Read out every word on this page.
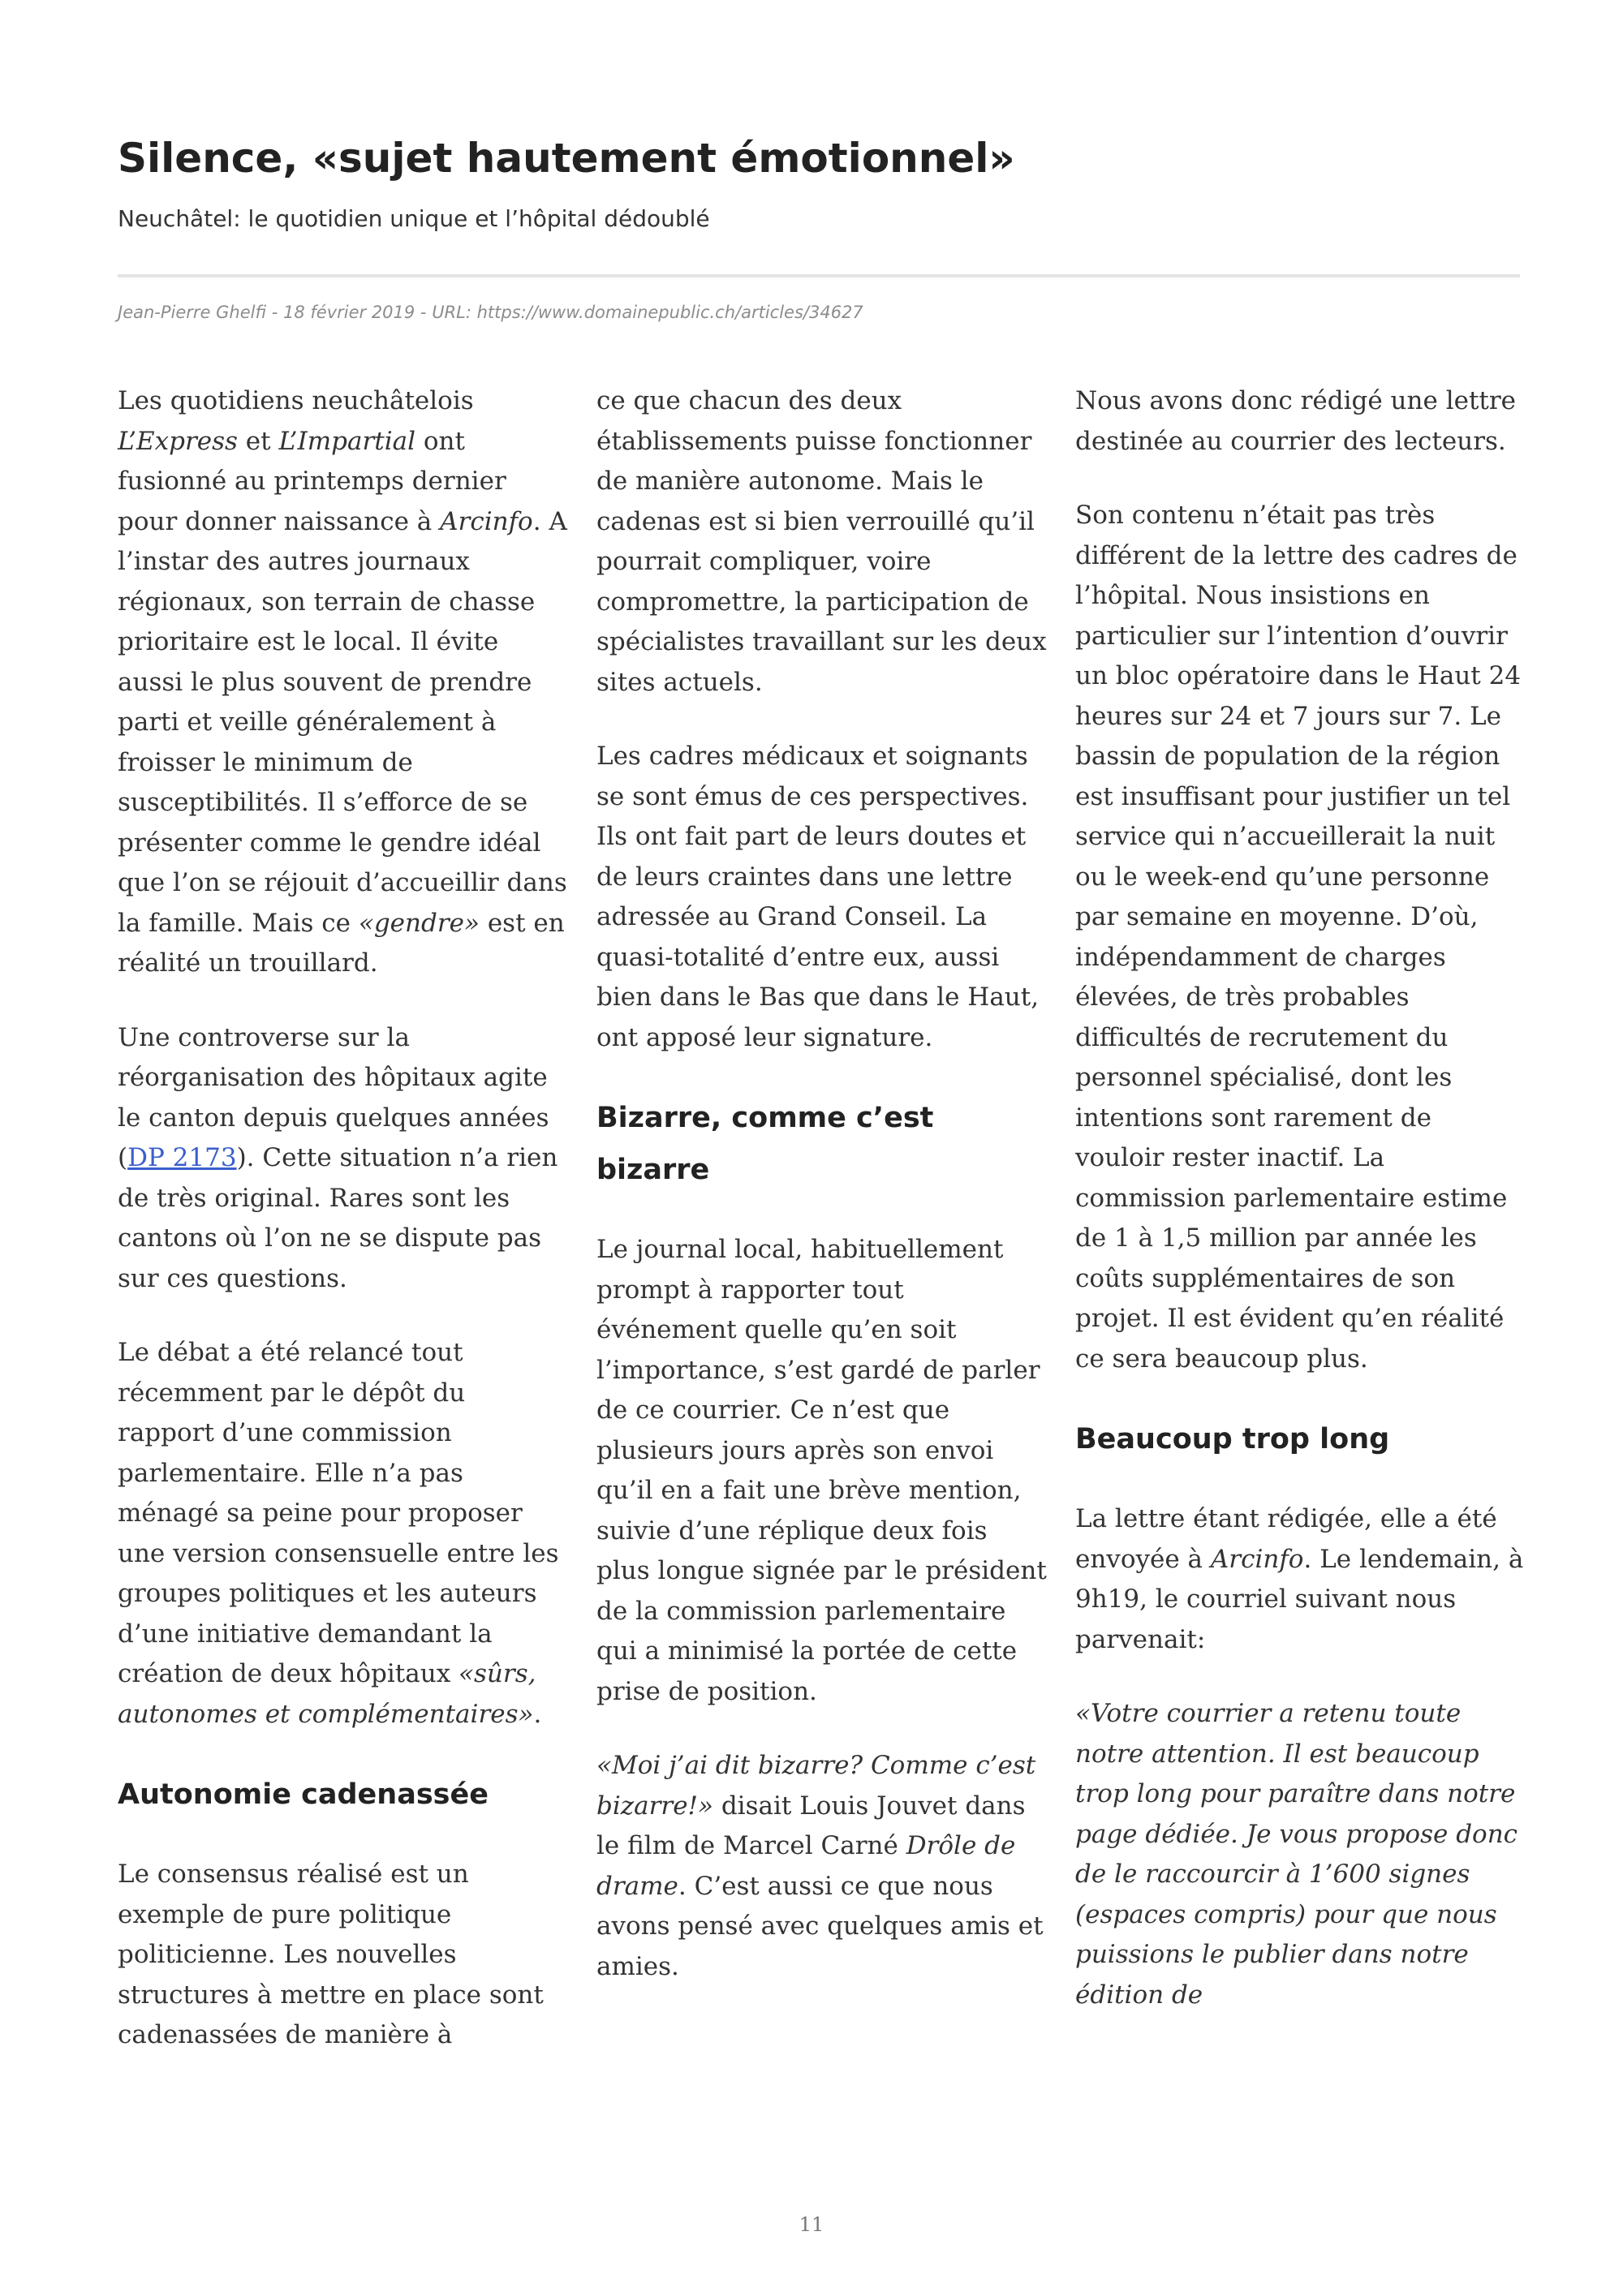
Silence, «sujet hautement émotionnel»

Neuchâtel: le quotidien unique et l’hôpital dédoublé

Jean-Pierre Ghelfi - 18 février 2019 - URL: https://www.domainepublic.ch/articles/34627

Les quotidiens neuchâtelois L’Express et L’Impartial ont fusionné au printemps dernier pour donner naissance à Arcinfo. A l’instar des autres journaux régionaux, son terrain de chasse prioritaire est le local. Il évite aussi le plus souvent de prendre parti et veille généralement à froisser le minimum de susceptibilités. Il s’efforce de se présenter comme le gendre idéal que l’on se réjouit d’accueillir dans la famille. Mais ce «gendre» est en réalité un trouillard.

Une controverse sur la réorganisation des hôpitaux agite le canton depuis quelques années (DP 2173). Cette situation n’a rien de très original. Rares sont les cantons où l’on ne se dispute pas sur ces questions.

Le débat a été relancé tout récemment par le dépôt du rapport d’une commission parlementaire. Elle n’a pas ménagé sa peine pour proposer une version consensuelle entre les groupes politiques et les auteurs d’une initiative demandant la création de deux hôpitaux «sûrs, autonomes et complémentaires».

Autonomie cadenassée

Le consensus réalisé est un exemple de pure politique politicienne. Les nouvelles structures à mettre en place sont cadenassées de manière à

ce que chacun des deux établissements puisse fonctionner de manière autonome. Mais le cadenas est si bien verrouillé qu’il pourrait compliquer, voire compromettre, la participation de spécialistes travaillant sur les deux sites actuels.

Les cadres médicaux et soignants se sont émus de ces perspectives. Ils ont fait part de leurs doutes et de leurs craintes dans une lettre adressée au Grand Conseil. La quasi-totalité d’entre eux, aussi bien dans le Bas que dans le Haut, ont apposé leur signature.

Bizarre, comme c’est bizarre

Le journal local, habituellement prompt à rapporter tout événement quelle qu’en soit l’importance, s’est gardé de parler de ce courrier. Ce n’est que plusieurs jours après son envoi qu’il en a fait une brève mention, suivie d’une réplique deux fois plus longue signée par le président de la commission parlementaire qui a minimisé la portée de cette prise de position.

«Moi j’ai dit bizarre? Comme c’est bizarre!» disait Louis Jouvet dans le film de Marcel Carné Drôle de drame. C’est aussi ce que nous avons pensé avec quelques amis et amies.

Nous avons donc rédigé une lettre destinée au courrier des lecteurs.

Son contenu n’était pas très différent de la lettre des cadres de l’hôpital. Nous insistions en particulier sur l’intention d’ouvrir un bloc opératoire dans le Haut 24 heures sur 24 et 7 jours sur 7. Le bassin de population de la région est insuffisant pour justifier un tel service qui n’accueillerait la nuit ou le week-end qu’une personne par semaine en moyenne. D’où, indépendamment de charges élevées, de très probables difficultés de recrutement du personnel spécialisé, dont les intentions sont rarement de vouloir rester inactif. La commission parlementaire estime de 1 à 1,5 million par année les coûts supplémentaires de son projet. Il est évident qu’en réalité ce sera beaucoup plus.

Beaucoup trop long

La lettre étant rédigée, elle a été envoyée à Arcinfo. Le lendemain, à 9h19, le courriel suivant nous parvenait:

«Votre courrier a retenu toute notre attention. Il est beaucoup trop long pour paraître dans notre page dédiée. Je vous propose donc de le raccourcir à 1’600 signes (espaces compris) pour que nous puissions le publier dans notre édition de

11
